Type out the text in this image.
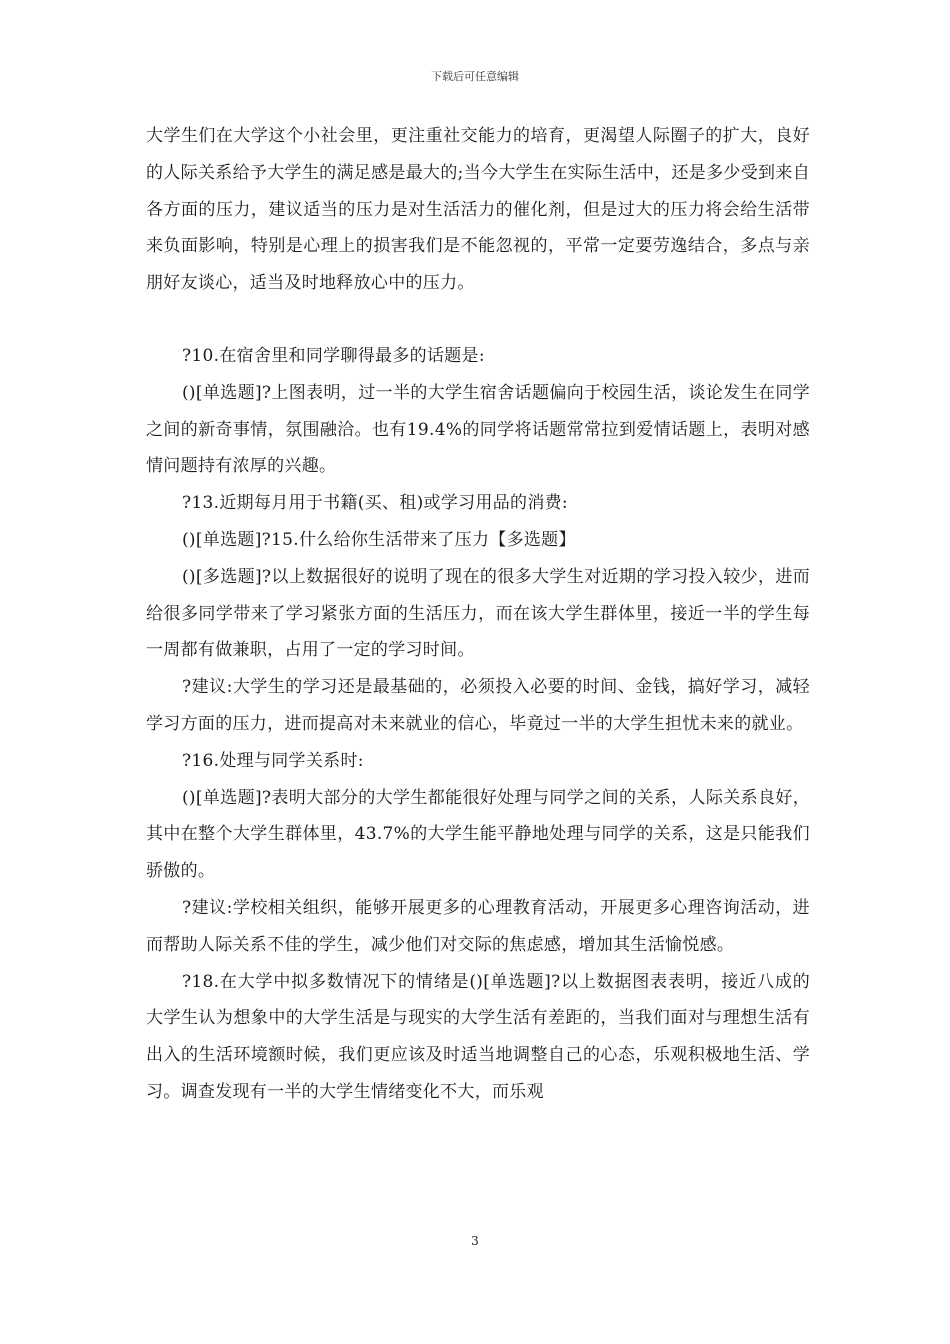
下载后可任意编辑

大学生们在大学这个小社会里，更注重社交能力的培育，更渴望人际圈子的扩大，良好的人际关系给予大学生的满足感是最大的;当今大学生在实际生活中，还是多少受到来自各方面的压力，建议适当的压力是对生活活力的催化剂，但是过大的压力将会给生活带来负面影响，特别是心理上的损害我们是不能忽视的，平常一定要劳逸结合，多点与亲朋好友谈心，适当及时地释放心中的压力。

?10.在宿舍里和同学聊得最多的话题是:

()[单选题]?上图表明，过一半的大学生宿舍话题偏向于校园生活，谈论发生在同学之间的新奇事情，氛围融洽。也有19.4%的同学将话题常常拉到爱情话题上，表明对感情问题持有浓厚的兴趣。

?13.近期每月用于书籍(买、租)或学习用品的消费:

()[单选题]?15.什么给你生活带来了压力【多选题】

()[多选题]?以上数据很好的说明了现在的很多大学生对近期的学习投入较少，进而给很多同学带来了学习紧张方面的生活压力，而在该大学生群体里，接近一半的学生每一周都有做兼职，占用了一定的学习时间。

?建议:大学生的学习还是最基础的，必须投入必要的时间、金钱，搞好学习，减轻学习方面的压力，进而提高对未来就业的信心，毕竟过一半的大学生担忧未来的就业。

?16.处理与同学关系时:

()[单选题]?表明大部分的大学生都能很好处理与同学之间的关系，人际关系良好，其中在整个大学生群体里，43.7%的大学生能平静地处理与同学的关系，这是只能我们骄傲的。

?建议:学校相关组织，能够开展更多的心理教育活动，开展更多心理咨询活动，进而帮助人际关系不佳的学生，减少他们对交际的焦虑感，增加其生活愉悦感。

?18.在大学中拟多数情况下的情绪是()[单选题]?以上数据图表表明，接近八成的大学生认为想象中的大学生活是与现实的大学生活有差距的，当我们面对与理想生活有出入的生活环境额时候，我们更应该及时适当地调整自己的心态，乐观积极地生活、学习。调查发现有一半的大学生情绪变化不大，而乐观

3
